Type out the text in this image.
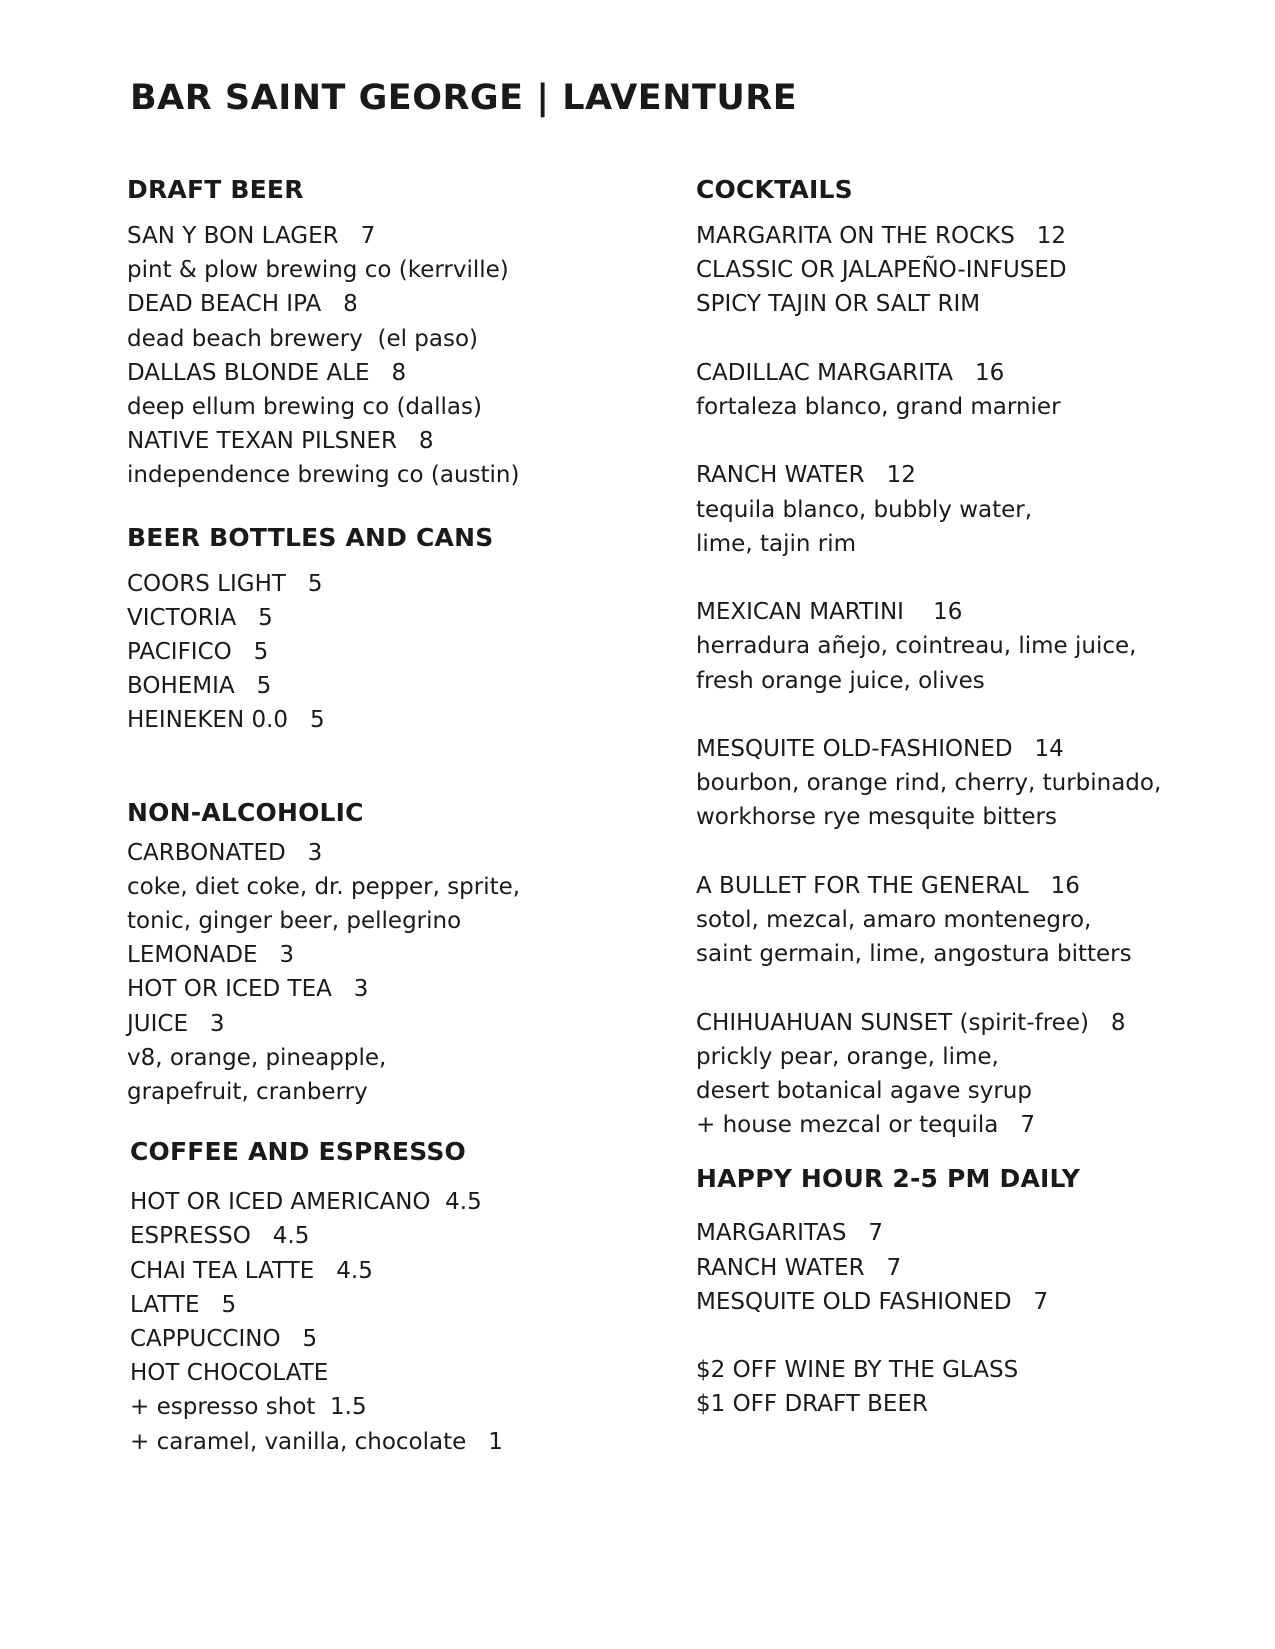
BAR SAINT GEORGE | LAVENTURE
DRAFT BEER

SAN Y BON LAGER   7

pint & plow brewing co (kerrville)

DEAD BEACH IPA   8

dead beach brewery  (el paso)

DALLAS BLONDE ALE   8

deep ellum brewing co (dallas)

NATIVE TEXAN PILSNER   8

independence brewing co (austin)

BEER BOTTLES AND CANS

COORS LIGHT   5

VICTORIA   5

PACIFICO   5

BOHEMIA   5

HEINEKEN 0.0   5

NON-ALCOHOLIC

CARBONATED   3

coke, diet coke, dr. pepper, sprite,

tonic, ginger beer, pellegrino

LEMONADE   3

HOT OR ICED TEA   3

JUICE   3

v8, orange, pineapple,

grapefruit, cranberry

COFFEE AND ESPRESSO

HOT OR ICED AMERICANO  4.5

ESPRESSO   4.5

CHAI TEA LATTE   4.5

LATTE   5

CAPPUCCINO   5

HOT CHOCOLATE

+ espresso shot  1.5

+ caramel, vanilla, chocolate   1

COCKTAILS

MARGARITA ON THE ROCKS   12

CLASSIC OR JALAPEÑO-INFUSED

SPICY TAJIN OR SALT RIM

CADILLAC MARGARITA   16

fortaleza blanco, grand marnier

RANCH WATER   12

tequila blanco, bubbly water,

lime, tajin rim

MEXICAN MARTINI    16

herradura añejo, cointreau, lime juice,

fresh orange juice, olives

MESQUITE OLD-FASHIONED   14

bourbon, orange rind, cherry, turbinado,

workhorse rye mesquite bitters

A BULLET FOR THE GENERAL   16

sotol, mezcal, amaro montenegro,

saint germain, lime, angostura bitters

CHIHUAHUAN SUNSET (spirit-free)   8

prickly pear, orange, lime,

desert botanical agave syrup

+ house mezcal or tequila   7

HAPPY HOUR 2-5 PM DAILY

MARGARITAS   7

RANCH WATER   7

MESQUITE OLD FASHIONED   7

$2 OFF WINE BY THE GLASS

$1 OFF DRAFT BEER
